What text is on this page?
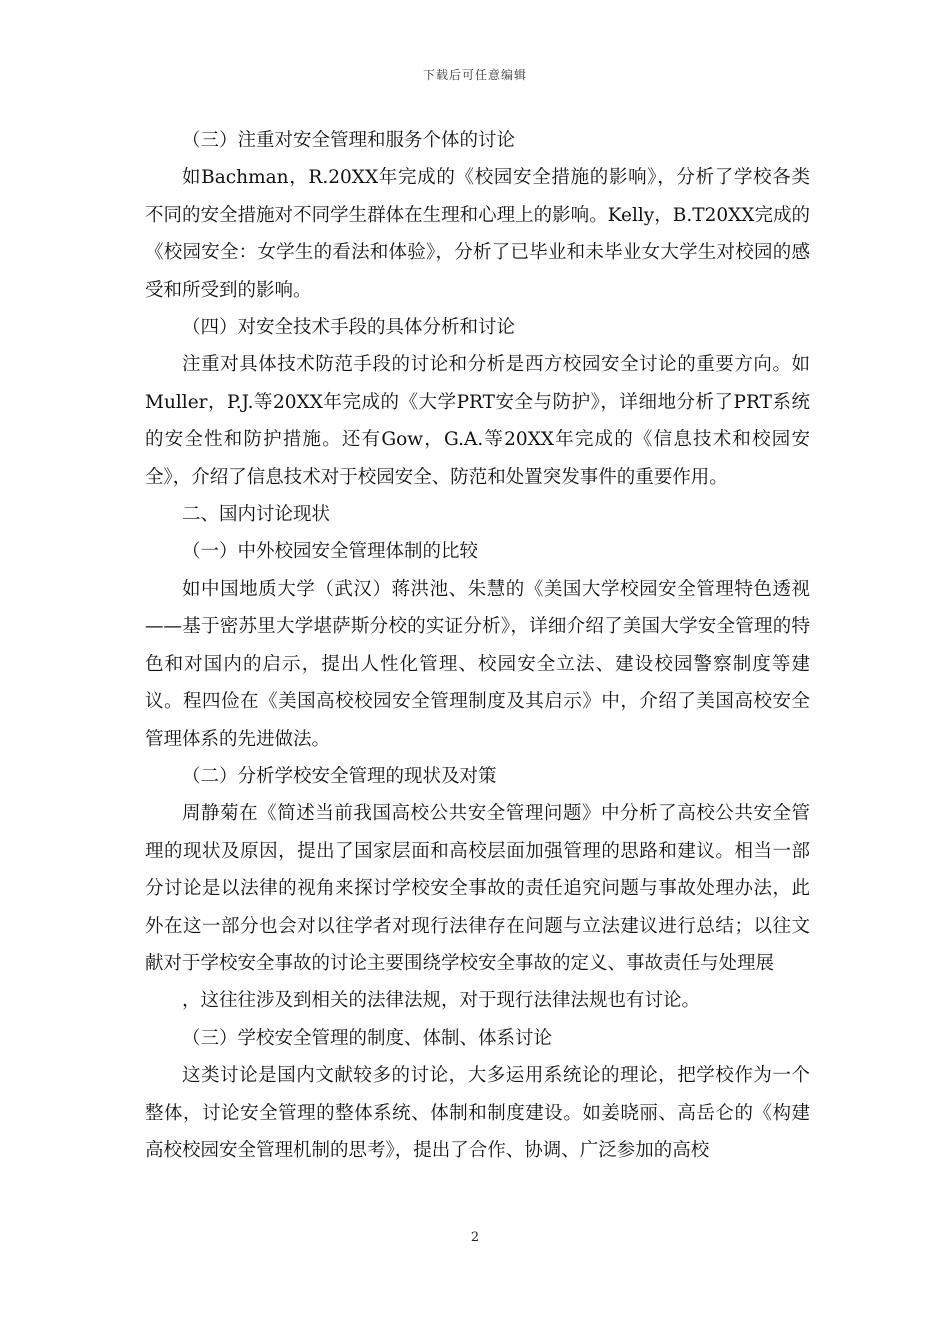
下载后可任意编辑

（三）注重对安全管理和服务个体的讨论

如Bachman，R.20XX年完成的《校园安全措施的影响》，分析了学校各类不同的安全措施对不同学生群体在生理和心理上的影响。Kelly，B.T20XX完成的《校园安全：女学生的看法和体验》，分析了已毕业和未毕业女大学生对校园的感受和所受到的影响。

（四）对安全技术手段的具体分析和讨论

注重对具体技术防范手段的讨论和分析是西方校园安全讨论的重要方向。如Muller，P.J.等20XX年完成的《大学PRT安全与防护》，详细地分析了PRT系统的安全性和防护措施。还有Gow，G.A.等20XX年完成的《信息技术和校园安全》，介绍了信息技术对于校园安全、防范和处置突发事件的重要作用。

二、国内讨论现状

（一）中外校园安全管理体制的比较

如中国地质大学（武汉）蒋洪池、朱慧的《美国大学校园安全管理特色透视——基于密苏里大学堪萨斯分校的实证分析》，详细介绍了美国大学安全管理的特色和对国内的启示，提出人性化管理、校园安全立法、建设校园警察制度等建议。程四俭在《美国高校校园安全管理制度及其启示》中，介绍了美国高校安全管理体系的先进做法。

（二）分析学校安全管理的现状及对策

周静菊在《简述当前我国高校公共安全管理问题》中分析了高校公共安全管理的现状及原因，提出了国家层面和高校层面加强管理的思路和建议。相当一部分讨论是以法律的视角来探讨学校安全事故的责任追究问题与事故处理办法，此外在这一部分也会对以往学者对现行法律存在问题与立法建议进行总结；以往文献对于学校安全事故的讨论主要围绕学校安全事故的定义、事故责任与处理展

，这往往涉及到相关的法律法规，对于现行法律法规也有讨论。

（三）学校安全管理的制度、体制、体系讨论

这类讨论是国内文献较多的讨论，大多运用系统论的理论，把学校作为一个整体，讨论安全管理的整体系统、体制和制度建设。如姜晓丽、高岳仑的《构建高校校园安全管理机制的思考》，提出了合作、协调、广泛参加的高校

2
